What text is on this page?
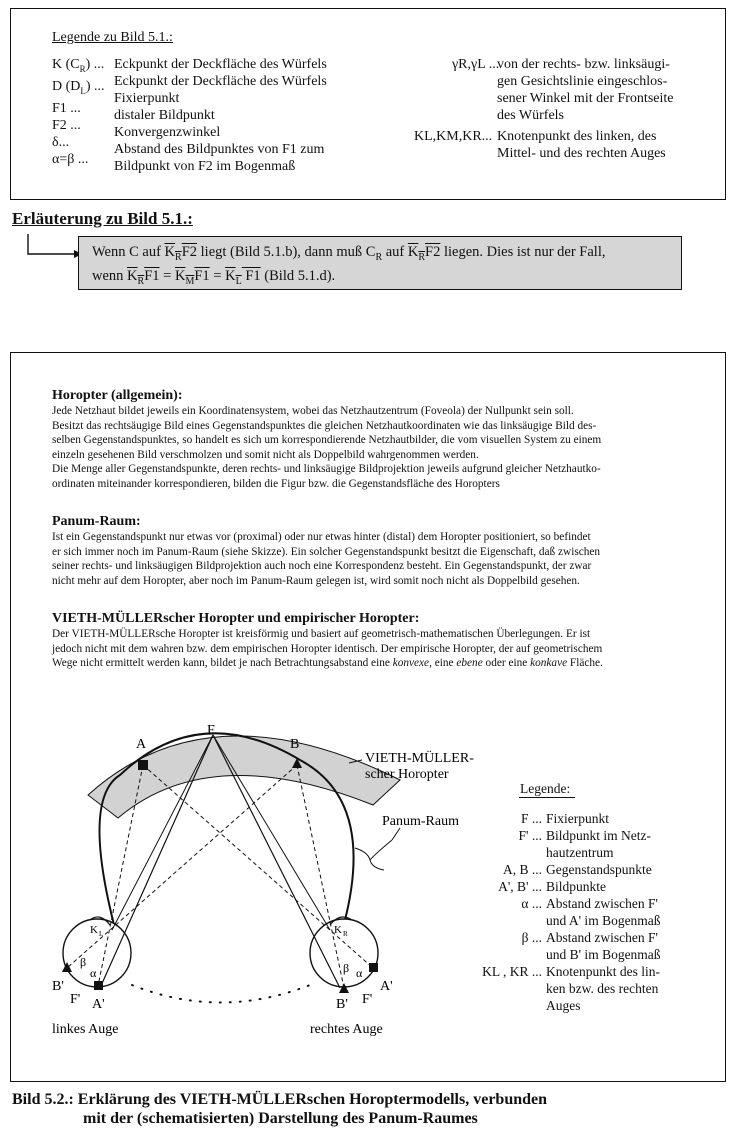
Legende zu Bild 5.1.:
K $(C_R)$ ...
D $(D_L)$ ...
F1 ...
F2 ...
δ...
α=β ...
Eckpunkt der Deckfläche des Würfels
Eckpunkt der Deckfläche des Würfels
Fixierpunkt
distaler Bildpunkt
Konvergenzwinkel
Abstand des Bildpunktes von F1 zum
Bildpunkt von F2 im Bogenmaß
γR,γL ...
von der rechts- bzw. linksäugi-
gen Gesichtslinie eingeschlos-
sener Winkel mit der Frontseite
des Würfels
KL,KM,KR... Knotenpunkt des linken, des
Mittel- und des rechten Auges
Erläuterung zu Bild 5.1.:
Wenn C auf $K_RF2$ liegt (Bild 5.1.b), dann muß $C_R$ auf $K_RF2$ liegen. Dies ist nur der Fall,
wenn $K_RF1 = K_MF1 = K_L$ F1 (Bild 5.1.d).
Horopter (allgemein):

Jede Netzhaut bildet jeweils ein Koordinatensystem, wobei das Netzhautzentrum (Foveola) der Nullpunkt sein soll.

Besitzt das rechtsäugige Bild eines Gegenstandspunktes die gleichen Netzhautkoordinaten wie das linksäugige Bild des-

selben Gegenstandspunktes, so handelt es sich um korrespondierende Netzhautbilder, die vom visuellen System zu einem

einzeln gesehenen Bild verschmolzen und somit nicht als Doppelbild wahrgenommen werden.

Die Menge aller Gegenstandspunkte, deren rechts- und linksäugige Bildprojektion jeweils aufgrund gleicher Netzhautko-

ordinaten miteinander korrespondieren, bilden die Figur bzw. die Gegenstandsfläche des Horopters

Panum-Raum:

Ist ein Gegenstandspunkt nur etwas vor (proximal) oder nur etwas hinter (distal) dem Horopter positioniert, so befindet

er sich immer noch im Panum-Raum (siehe Skizze). Ein solcher Gegenstandspunkt besitzt die Eigenschaft, daß zwischen

seiner rechts- und linksäugigen Bildprojektion auch noch eine Korrespondenz besteht. Ein Gegenstandspunkt, der zwar

nicht mehr auf dem Horopter, aber noch im Panum-Raum gelegen ist, wird somit noch nicht als Doppelbild gesehen.

VIETH-MÜLLERscher Horopter und empirischer Horopter:

Der VIETH-MÜLLERsche Horopter ist kreisförmig und basiert auf geometrisch-mathematischen Überlegungen. Er ist

jedoch nicht mit dem wahren bzw. dem empirischen Horopter identisch. Der empirische Horopter, der auf geometrischem

Wege nicht ermittelt werden kann, bildet je nach Betrachtungsabstand eine konvexe, eine ebene oder eine konkave Fläche.

F
A	B
VIETH-MÜLLER-
scher Horopter
Panum-Raum
K L
β
α
B'
F' A'
linkes Auge
K R
β α
A'
B' F'
rechtes Auge
Legende:
F ... Fixierpunkt
F' ... Bildpunkt im Netz-
hautzentrum
A, B ... Gegenstandspunkte
A', B' ... Bildpunkte
α ... Abstand zwischen F'
und A' im Bogenmaß
β ... Abstand zwischen F'
und B' im Bogenmaß
KL , KR ... Knotenpunkt des lin-
ken bzw. des rechten
Auges
Bild 5.2.: Erklärung des VIETH-MÜLLERschen Horoptermodells, verbunden
mit der (schematisierten) Darstellung des Panum-Raumes
